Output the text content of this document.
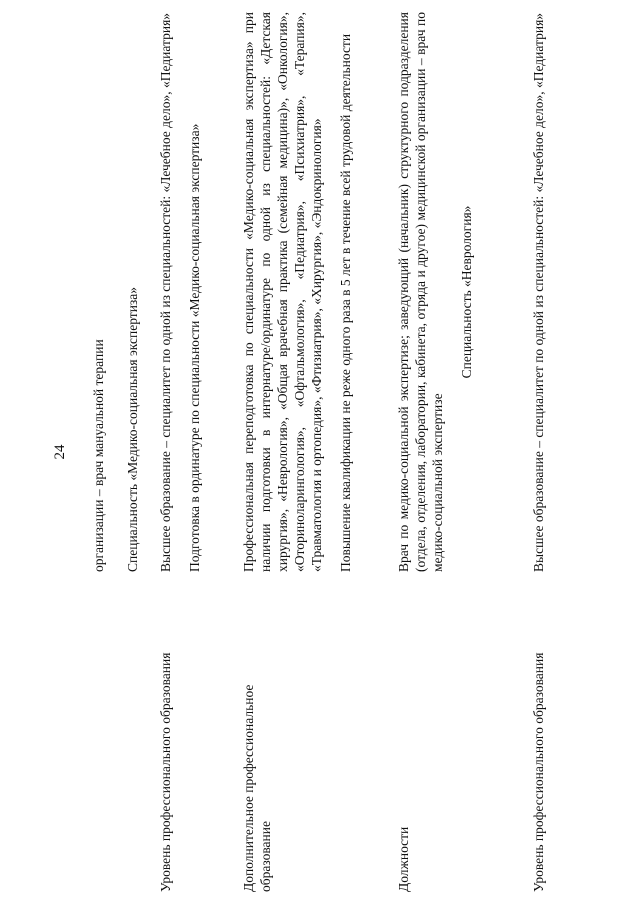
24 организации – врач мануальной терапии Специальность «Медико-социальная экспертиза»

Уровень профессионального образования

Высшее образование – специалитет по одной из специальностей: «Лечебное дело», «Педиатрия» Подготовка в ординатуре по специальности «Медико-социальная экспертиза»

Дополнительное профессиональное образование

Профессиональная переподготовка по специальности «Медико-социальная экспертиза» при наличии подготовки в интернатуре/ординатуре по одной из специальностей: «Детская хирургия», «Неврология», «Общая врачебная практика (семейная медицина)», «Онкология», «Оториноларингология», «Офтальмология», «Педиатрия», «Психиатрия», «Терапия», «Травматология и ортопедия», «Фтизиатрия», «Хирургия», «Эндокринология» Повышение квалификации не реже одного раза в 5 лет в течение всей трудовой деятельности

Должности

Врач по медико-социальной экспертизе; заведующий (начальник) структурного подразделения (отдела, отделения, лаборатории, кабинета, отряда и другое) медицинской организации – врач по медико-социальной экспертизе

Специальность «Неврология»

Уровень профессионального образования

Высшее образование – специалитет по одной из специальностей: «Лечебное дело», «Педиатрия»
